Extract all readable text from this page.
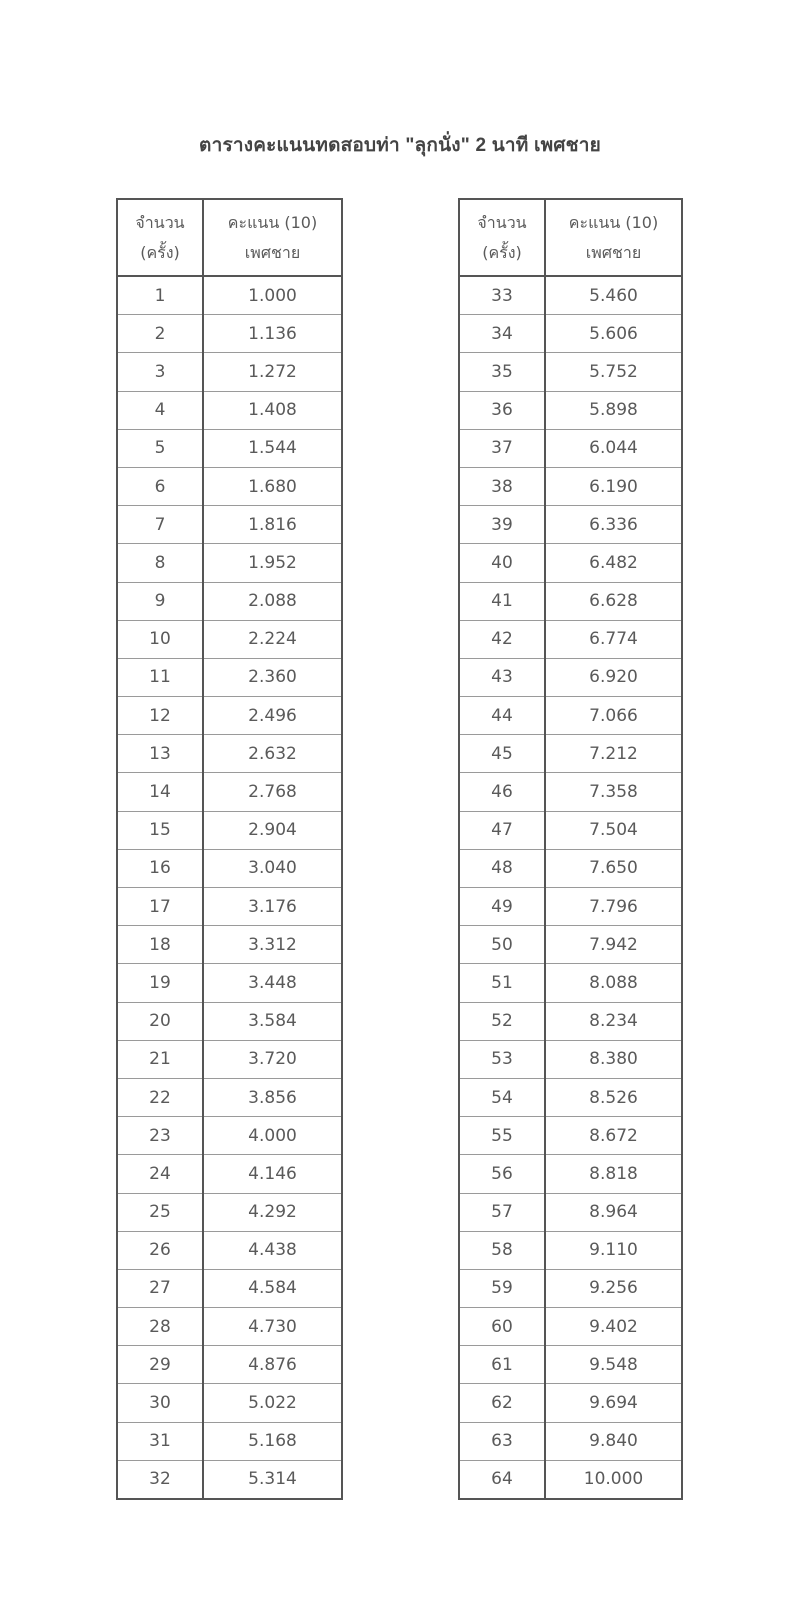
ตารางคะแนนทดสอบท่า "ลุกนั่ง" 2 นาที เพศชาย
จำนวน
(ครั้ง)	คะแนน (10)
เพศชาย

1	1.000
2	1.136
3	1.272
4	1.408
5	1.544
6	1.680
7	1.816
8	1.952
9	2.088
10	2.224
11	2.360
12	2.496
13	2.632
14	2.768
15	2.904
16	3.040
17	3.176
18	3.312
19	3.448
20	3.584
21	3.720
22	3.856
23	4.000
24	4.146
25	4.292
26	4.438
27	4.584
28	4.730
29	4.876
30	5.022
31	5.168
32	5.314
จำนวน
(ครั้ง)	คะแนน (10)
เพศชาย

33	5.460
34	5.606
35	5.752
36	5.898
37	6.044
38	6.190
39	6.336
40	6.482
41	6.628
42	6.774
43	6.920
44	7.066
45	7.212
46	7.358
47	7.504
48	7.650
49	7.796
50	7.942
51	8.088
52	8.234
53	8.380
54	8.526
55	8.672
56	8.818
57	8.964
58	9.110
59	9.256
60	9.402
61	9.548
62	9.694
63	9.840
64	10.000
